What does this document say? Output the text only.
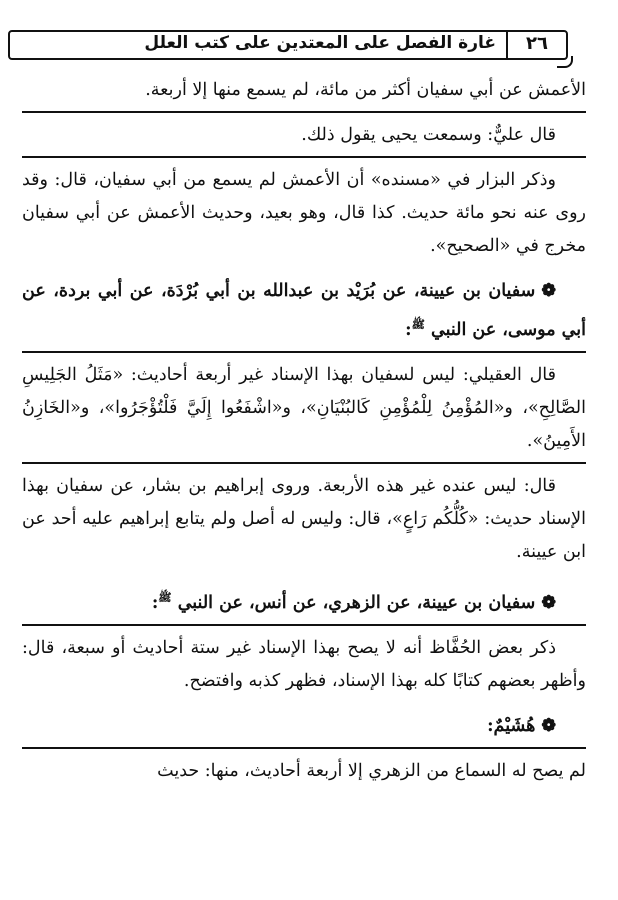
غارة الفصل على المعتدين على كتب العلل	٢٦

الأعمش عن أبي سفيان أكثر من مائة، لم يسمع منها إلا أربعة.

قال عليٌّ: وسمعت يحيى يقول ذلك.

وذكر البزار في «مسنده» أن الأعمش لم يسمع من أبي سفيان، قال: وقد روى عنه نحو مائة حديث. كذا قال، وهو بعيد، وحديث الأعمش عن أبي سفيان مخرج في «الصحيح».

❁سفيان بن عيينة، عن بُرَيْد بن عبدالله بن أبي بُرْدَة، عن أبي بردة، عن أبي موسى، عن النبي $^ﷺ$:

قال العقيلي: ليس لسفيان بهذا الإسناد غير أربعة أحاديث: «مَثَلُ الجَلِيسِ الصَّالِحِ»، و«المُؤْمِنُ لِلْمُؤْمِنِ كَالبُنْيَانِ»، و«اشْفَعُوا إِلَيَّ فَلْتُؤْجَرُوا»، و«الخَازِنُ الأَمِينُ».

قال: ليس عنده غير هذه الأربعة. وروى إبراهيم بن بشار، عن سفيان بهذا الإسناد حديث: «كُلُّكُم رَاعٍ»، قال: وليس له أصل ولم يتابع إبراهيم عليه أحد عن ابن عيينة.

❁سفيان بن عيينة، عن الزهري، عن أنس، عن النبي $^ﷺ$:

ذكر بعض الحُفَّاظ أنه لا يصح بهذا الإسناد غير ستة أحاديث أو سبعة، قال: وأظهر بعضهم كتابًا كله بهذا الإسناد، فظهر كذبه وافتضح.

❁هُشَيْمٌ:

لم يصح له السماع من الزهري إلا أربعة أحاديث، منها: حديث
